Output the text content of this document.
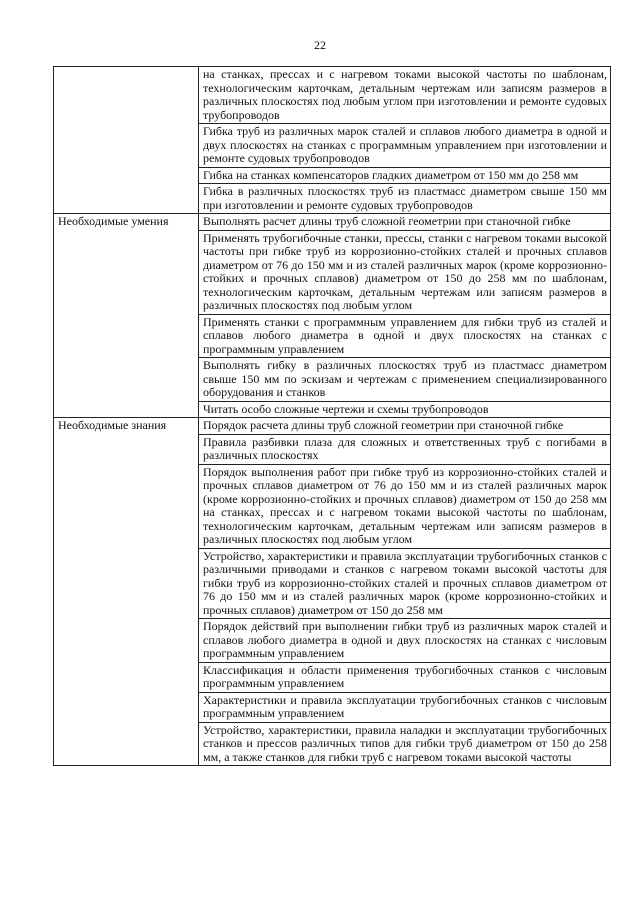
22
	на станках, прессах и с нагревом токами высокой частоты по шаблонам, технологическим карточкам, детальным чертежам или записям размеров в различных плоскостях под любым углом при изготовлении и ремонте судовых трубопроводов
	Гибка труб из различных марок сталей и сплавов любого диаметра в одной и двух плоскостях на станках с программным управлением при изготовлении и ремонте судовых трубопроводов
	Гибка на станках компенсаторов гладких диаметром от 150 мм до 258 мм
	Гибка в различных плоскостях труб из пластмасс диаметром свыше 150 мм при изготовлении и ремонте судовых трубопроводов
Необходимые умения	Выполнять расчет длины труб сложной геометрии при станочной гибке
	Применять трубогибочные станки, прессы, станки с нагревом токами высокой частоты при гибке труб из коррозионно-стойких сталей и прочных сплавов диаметром от 76 до 150 мм и из сталей различных марок (кроме коррозионно-стойких и прочных сплавов) диаметром от 150 до 258 мм по шаблонам, технологическим карточкам, детальным чертежам или записям размеров в различных плоскостях под любым углом
	Применять станки с программным управлением для гибки труб из сталей и сплавов любого диаметра в одной и двух плоскостях на станках с программным управлением
	Выполнять гибку в различных плоскостях труб из пластмасс диаметром свыше 150 мм по эскизам и чертежам с применением специализированного оборудования и станков
	Читать особо сложные чертежи и схемы трубопроводов
Необходимые знания	Порядок расчета длины труб сложной геометрии при станочной гибке
	Правила разбивки плаза для сложных и ответственных труб с погибами в различных плоскостях
	Порядок выполнения работ при гибке труб из коррозионно-стойких сталей и прочных сплавов диаметром от 76 до 150 мм и из сталей различных марок (кроме коррозионно-стойких и прочных сплавов) диаметром от 150 до 258 мм на станках, прессах и с нагревом токами высокой частоты по шаблонам, технологическим карточкам, детальным чертежам или записям размеров в различных плоскостях под любым углом
	Устройство, характеристики и правила эксплуатации трубогибочных станков с различными приводами и станков с нагревом токами высокой частоты для гибки труб из коррозионно-стойких сталей и прочных сплавов диаметром от 76 до 150 мм и из сталей различных марок (кроме коррозионно-стойких и прочных сплавов) диаметром от 150 до 258 мм
	Порядок действий при выполнении гибки труб из различных марок сталей и сплавов любого диаметра в одной и двух плоскостях на станках с числовым программным управлением
	Классификация и области применения трубогибочных станков с числовым программным управлением
	Характеристики и правила эксплуатации трубогибочных станков с числовым программным управлением
	Устройство, характеристики, правила наладки и эксплуатации трубогибочных станков и прессов различных типов для гибки труб диаметром от 150 до 258 мм, а также станков для гибки труб с нагревом токами высокой частоты
